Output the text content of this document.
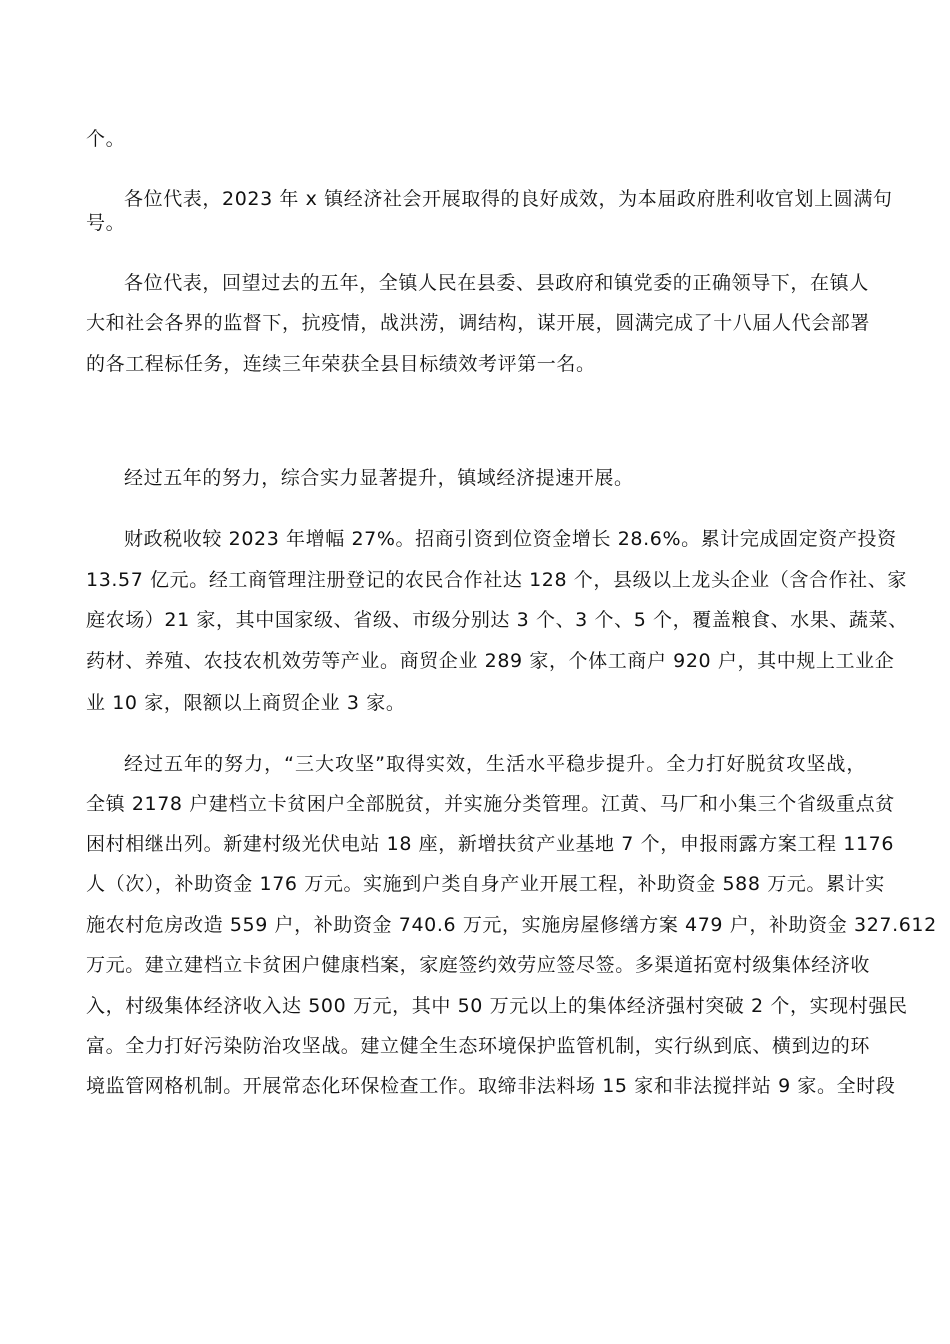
个。
各位代表，2023 年 x 镇经济社会开展取得的良好成效，为本届政府胜利收官划上圆满句
号。
各位代表，回望过去的五年，全镇人民在县委、县政府和镇党委的正确领导下，在镇人
大和社会各界的监督下，抗疫情，战洪涝，调结构，谋开展，圆满完成了十八届人代会部署
的各工程标任务，连续三年荣获全县目标绩效考评第一名。
经过五年的努力，综合实力显著提升，镇域经济提速开展。
财政税收较 2023 年增幅 27%。招商引资到位资金增长 28.6%。累计完成固定资产投资
13.57 亿元。经工商管理注册登记的农民合作社达 128 个，县级以上龙头企业（含合作社、家
庭农场）21 家，其中国家级、省级、市级分别达 3 个、3 个、5 个，覆盖粮食、水果、蔬菜、
药材、养殖、农技农机效劳等产业。商贸企业 289 家，个体工商户 920 户，其中规上工业企
业 10 家，限额以上商贸企业 3 家。
经过五年的努力，“三大攻坚”取得实效，生活水平稳步提升。全力打好脱贫攻坚战，
全镇 2178 户建档立卡贫困户全部脱贫，并实施分类管理。江黄、马厂和小集三个省级重点贫
困村相继出列。新建村级光伏电站 18 座，新增扶贫产业基地 7 个，申报雨露方案工程 1176
人（次），补助资金 176 万元。实施到户类自身产业开展工程，补助资金 588 万元。累计实
施农村危房改造 559 户，补助资金 740.6 万元，实施房屋修缮方案 479 户，补助资金 327.612
万元。建立建档立卡贫困户健康档案，家庭签约效劳应签尽签。多渠道拓宽村级集体经济收
入，村级集体经济收入达 500 万元，其中 50 万元以上的集体经济强村突破 2 个，实现村强民
富。全力打好污染防治攻坚战。建立健全生态环境保护监管机制，实行纵到底、横到边的环
境监管网格机制。开展常态化环保检查工作。取缔非法料场 15 家和非法搅拌站 9 家。全时段
